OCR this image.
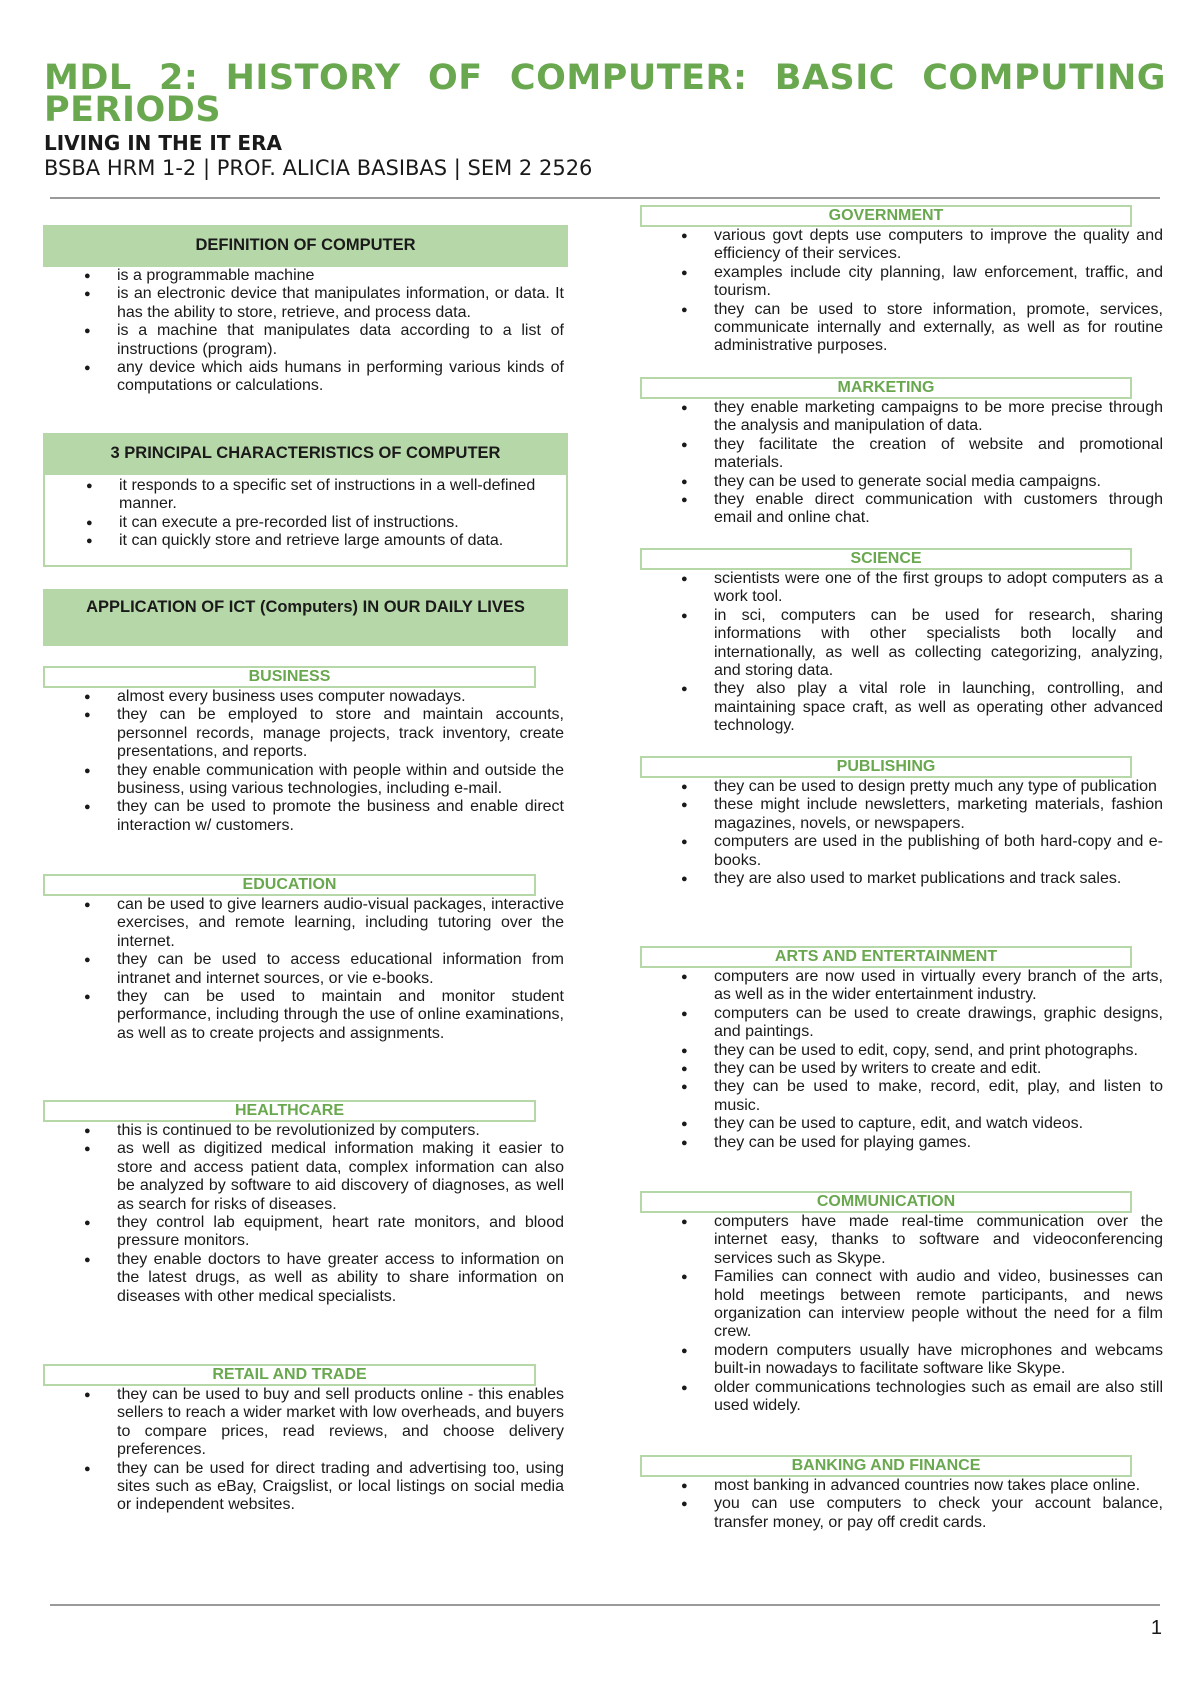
MDL 2: HISTORY OF COMPUTER: BASIC COMPUTING PERIODS

LIVING IN THE IT ERA

BSBA HRM 1-2 | PROF. ALICIA BASIBAS | SEM 2 2526

DEFINITION OF COMPUTER
● is a programmable machine
● is an electronic device that manipulates information, or data. It has the ability to store, retrieve, and process data.
● is a machine that manipulates data according to a list of instructions (program).
● any device which aids humans in performing various kinds of computations or calculations.
3 PRINCIPAL CHARACTERISTICS OF COMPUTER
● it responds to a specific set of instructions in a well-defined manner.
● it can execute a pre-recorded list of instructions.
● it can quickly store and retrieve large amounts of data.
APPLICATION OF ICT (Computers) IN OUR DAILY LIVES
BUSINESS
● almost every business uses computer nowadays.
● they can be employed to store and maintain accounts, personnel records, manage projects, track inventory, create presentations, and reports.
● they enable communication with people within and outside the business, using various technologies, including e-mail.
● they can be used to promote the business and enable direct interaction w/ customers.
EDUCATION
● can be used to give learners audio-visual packages, interactive exercises, and remote learning, including tutoring over the internet.
● they can be used to access educational information from intranet and internet sources, or vie e-books.
● they can be used to maintain and monitor student performance, including through the use of online examinations, as well as to create projects and assignments.
HEALTHCARE
● this is continued to be revolutionized by computers.
● as well as digitized medical information making it easier to store and access patient data, complex information can also be analyzed by software to aid discovery of diagnoses, as well as search for risks of diseases.
● they control lab equipment, heart rate monitors, and blood pressure monitors.
● they enable doctors to have greater access to information on the latest drugs, as well as ability to share information on diseases with other medical specialists.
RETAIL AND TRADE
● they can be used to buy and sell products online - this enables sellers to reach a wider market with low overheads, and buyers to compare prices, read reviews, and choose delivery preferences.
● they can be used for direct trading and advertising too, using sites such as eBay, Craigslist, or local listings on social media or independent websites.
GOVERNMENT
● various govt depts use computers to improve the quality and efficiency of their services.
● examples include city planning, law enforcement, traffic, and tourism.
● they can be used to store information, promote, services, communicate internally and externally, as well as for routine administrative purposes.
MARKETING
● they enable marketing campaigns to be more precise through the analysis and manipulation of data.
● they facilitate the creation of website and promotional materials.
● they can be used to generate social media campaigns.
● they enable direct communication with customers through email and online chat.
SCIENCE
● scientists were one of the first groups to adopt computers as a work tool.
● in sci, computers can be used for research, sharing informations with other specialists both locally and internationally, as well as collecting categorizing, analyzing, and storing data.
● they also play a vital role in launching, controlling, and maintaining space craft, as well as operating other advanced technology.
PUBLISHING
● they can be used to design pretty much any type of publication
● these might include newsletters, marketing materials, fashion magazines, novels, or newspapers.
● computers are used in the publishing of both hard-copy and e-books.
● they are also used to market publications and track sales.
ARTS AND ENTERTAINMENT
● computers are now used in virtually every branch of the arts, as well as in the wider entertainment industry.
● computers can be used to create drawings, graphic designs, and paintings.
● they can be used to edit, copy, send, and print photographs.
● they can be used by writers to create and edit.
● they can be used to make, record, edit, play, and listen to music.
● they can be used to capture, edit, and watch videos.
● they can be used for playing games.
COMMUNICATION
● computers have made real-time communication over the internet easy, thanks to software and videoconferencing services such as Skype.
● Families can connect with audio and video, businesses can hold meetings between remote participants, and news organization can interview people without the need for a film crew.
● modern computers usually have microphones and webcams built-in nowadays to facilitate software like Skype.
● older communications technologies such as email are also still used widely.
BANKING AND FINANCE
● most banking in advanced countries now takes place online.
● you can use computers to check your account balance, transfer money, or pay off credit cards.
1
